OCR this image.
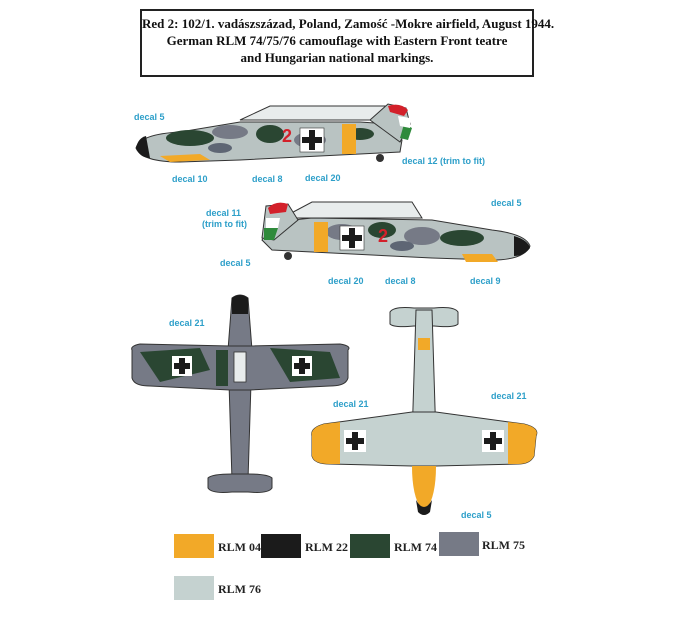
Red 2: 102/1. vadászszázad, Poland, Zamość -Mokre airfield, August 1944.
German RLM 74/75/76 camouflage with Eastern Front teatre
and Hungarian national markings.
2
2
decal 5
decal 10	decal 8 decal 20
decal 12 (trim to fit)
decal 11
(trim to fit)
decal 5
decal 20 decal 8	decal 9
decal 5
decal 21
decal 21
decal 21
decal 5
RLM 04	RLM 22	RLM 74	RLM 75
RLM 76
